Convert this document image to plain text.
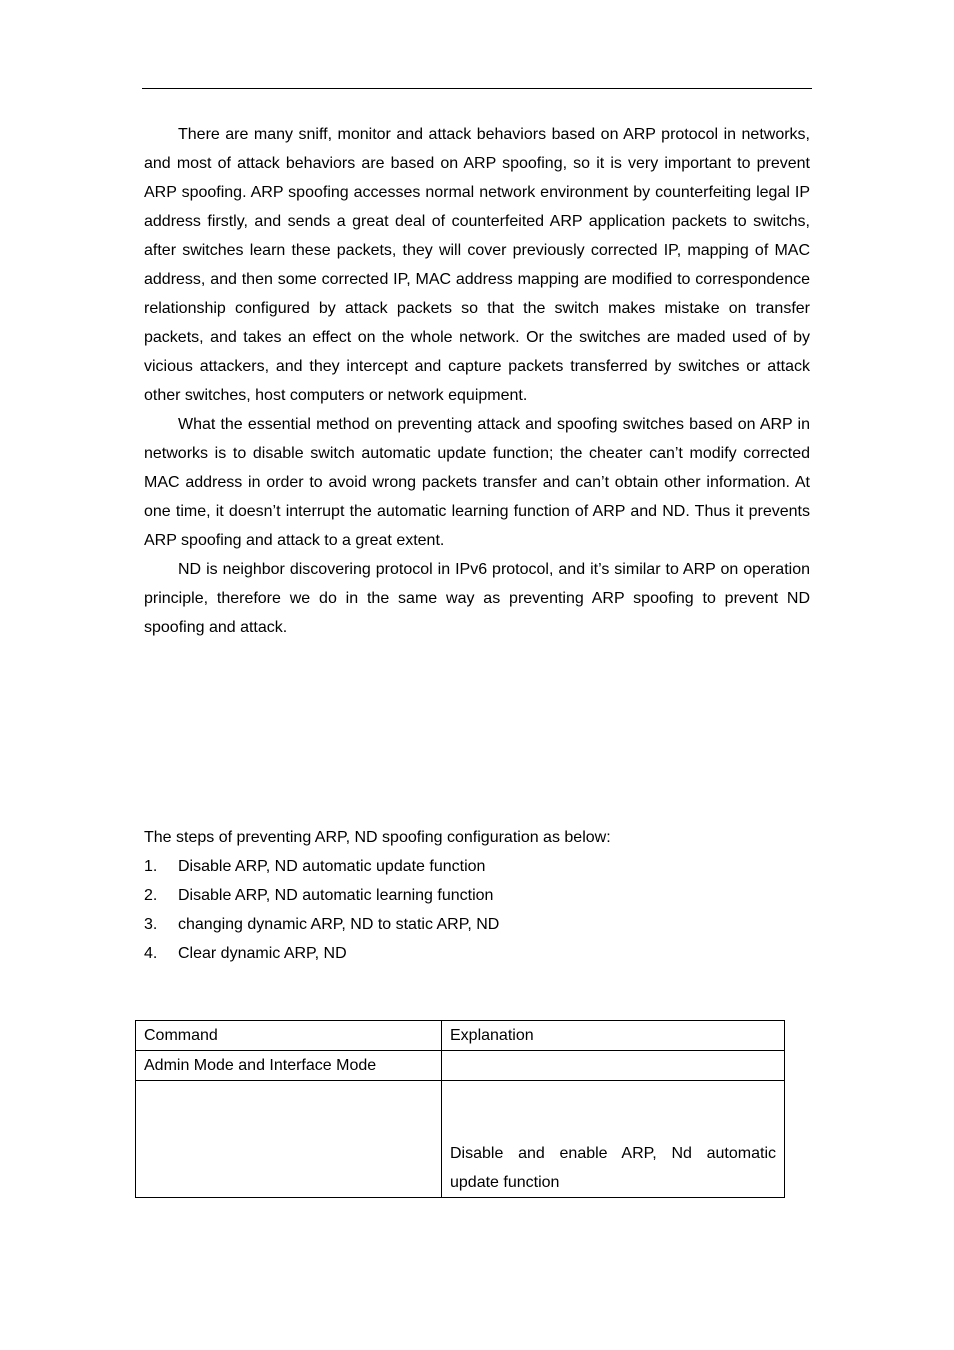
There are many sniff, monitor and attack behaviors based on ARP protocol in networks, and most of attack behaviors are based on ARP spoofing, so it is very important to prevent ARP spoofing. ARP spoofing accesses normal network environment by counterfeiting legal IP address firstly, and sends a great deal of counterfeited ARP application packets to switchs, after switches learn these packets, they will cover previously corrected IP, mapping of MAC address, and then some corrected IP, MAC address mapping are modified to correspondence relationship configured by attack packets so that the switch makes mistake on transfer packets, and takes an effect on the whole network. Or the switches are maded used of by vicious attackers, and they intercept and capture packets transferred by switches or attack other switches, host computers or network equipment.

What the essential method on preventing attack and spoofing switches based on ARP in networks is to disable switch automatic update function; the cheater can’t modify corrected MAC address in order to avoid wrong packets transfer and can’t obtain other information. At one time, it doesn’t interrupt the automatic learning function of ARP and ND. Thus it prevents ARP spoofing and attack to a great extent.

ND is neighbor discovering protocol in IPv6 protocol, and it’s similar to ARP on operation principle, therefore we do in the same way as preventing ARP spoofing to prevent ND spoofing and attack.

The steps of preventing ARP, ND spoofing configuration as below:

1.	Disable ARP, ND automatic update function
2.	Disable ARP, ND automatic learning function
3.	changing dynamic ARP, ND to static ARP, ND
4.	Clear dynamic ARP, ND
Command	Explanation
Admin Mode and Interface Mode	
	Disable and enable ARP, Nd automatic update function
